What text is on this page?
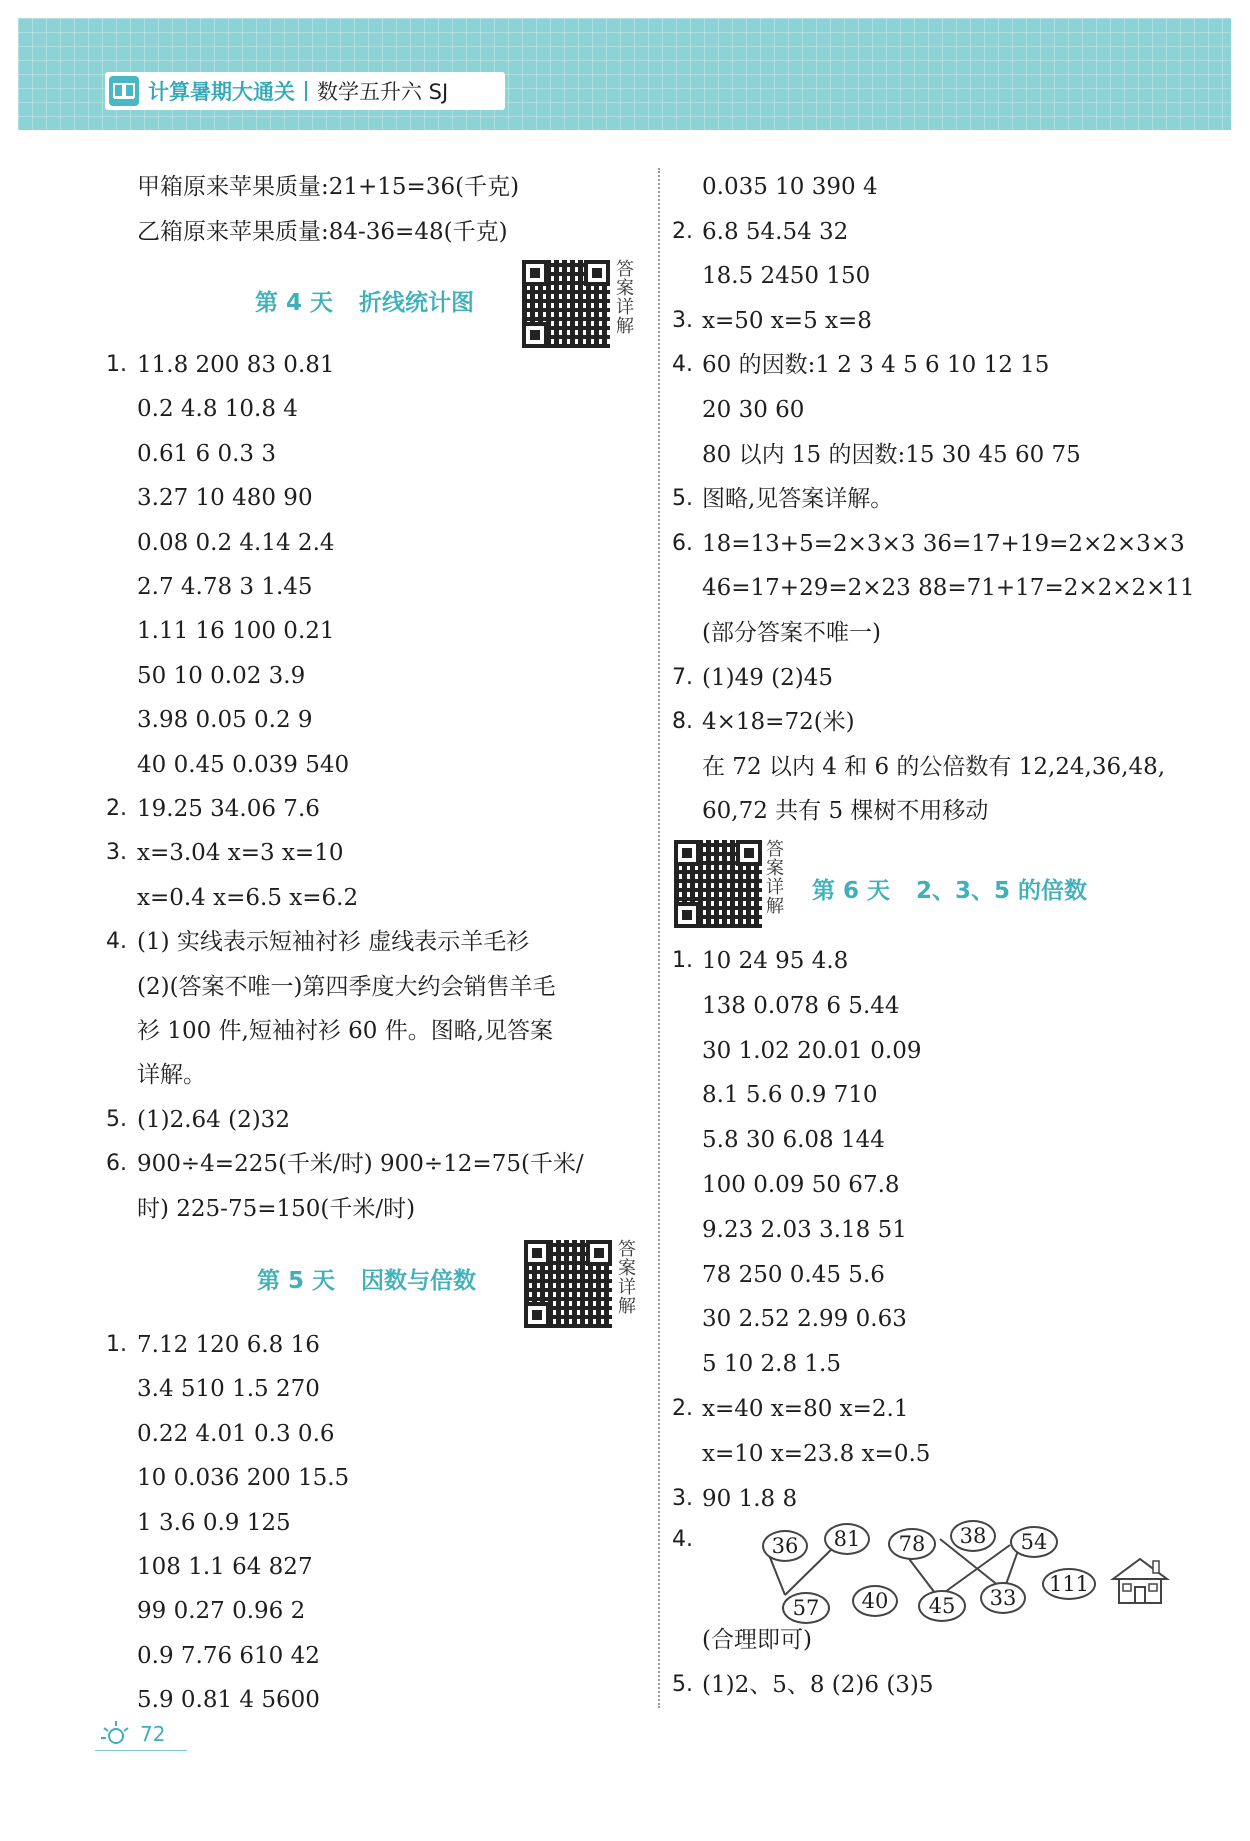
计算暑期大通关 数学五升六 SJ
甲箱原来苹果质量:21+15=36(千克)
乙箱原来苹果质量:84-36=48(千克)
1. 11.8 200 83 0.81
0.2 4.8 10.8 4
0.61 6 0.3 3
3.27 10 480 90
0.08 0.2 4.14 2.4
2.7 4.78 3 1.45
1.11 16 100 0.21
50 10 0.02 3.9
3.98 0.05 0.2 9
40 0.45 0.039 540
2. 19.25 34.06 7.6
3. x=3.04 x=3 x=10
x=0.4 x=6.5 x=6.2
4. (1) 实线表示短袖衬衫 虚线表示羊毛衫
(2)(答案不唯一)第四季度大约会销售羊毛
衫 100 件,短袖衬衫 60 件。图略,见答案
详解。
5. (1)2.64 (2)32
6. 900÷4=225(千米/时) 900÷12=75(千米/
时) 225-75=150(千米/时)
1. 7.12 120 6.8 16
3.4 510 1.5 270
0.22 4.01 0.3 0.6
10 0.036 200 15.5
1 3.6 0.9 125
108 1.1 64 827
99 0.27 0.96 2
0.9 7.76 610 42
5.9 0.81 4 5600
第 4 天 折线统计图
答案详解
第 5 天 因数与倍数
答案详解
0.035 10 390 4
2. 6.8 54.54 32
18.5 2450 150
3. x=50 x=5 x=8
4. 60 的因数:1 2 3 4 5 6 10 12 15
20 30 60
80 以内 15 的因数:15 30 45 60 75
5. 图略,见答案详解。
6. 18=13+5=2×3×3 36=17+19=2×2×3×3
46=17+29=2×23 88=71+17=2×2×2×11
(部分答案不唯一)
7. (1)49 (2)45
8. 4×18=72(米)
在 72 以内 4 和 6 的公倍数有 12,24,36,48,
60,72 共有 5 棵树不用移动
1. 10 24 95 4.8
138 0.078 6 5.44
30 1.02 20.01 0.09
8.1 5.6 0.9 710
5.8 30 6.08 144
100 0.09 50 67.8
9.23 2.03 3.18 51
78 250 0.45 5.6
30 2.52 2.99 0.63
5 10 2.8 1.5
2. x=40 x=80 x=2.1
x=10 x=23.8 x=0.5
3. 90 1.8 8
答案详解
第 6 天 2、3、5 的倍数
4.	36	81	78	38	54
57	40	45	33
111
(合理即可)
5. (1)2、5、8 (2)6 (3)5
72
